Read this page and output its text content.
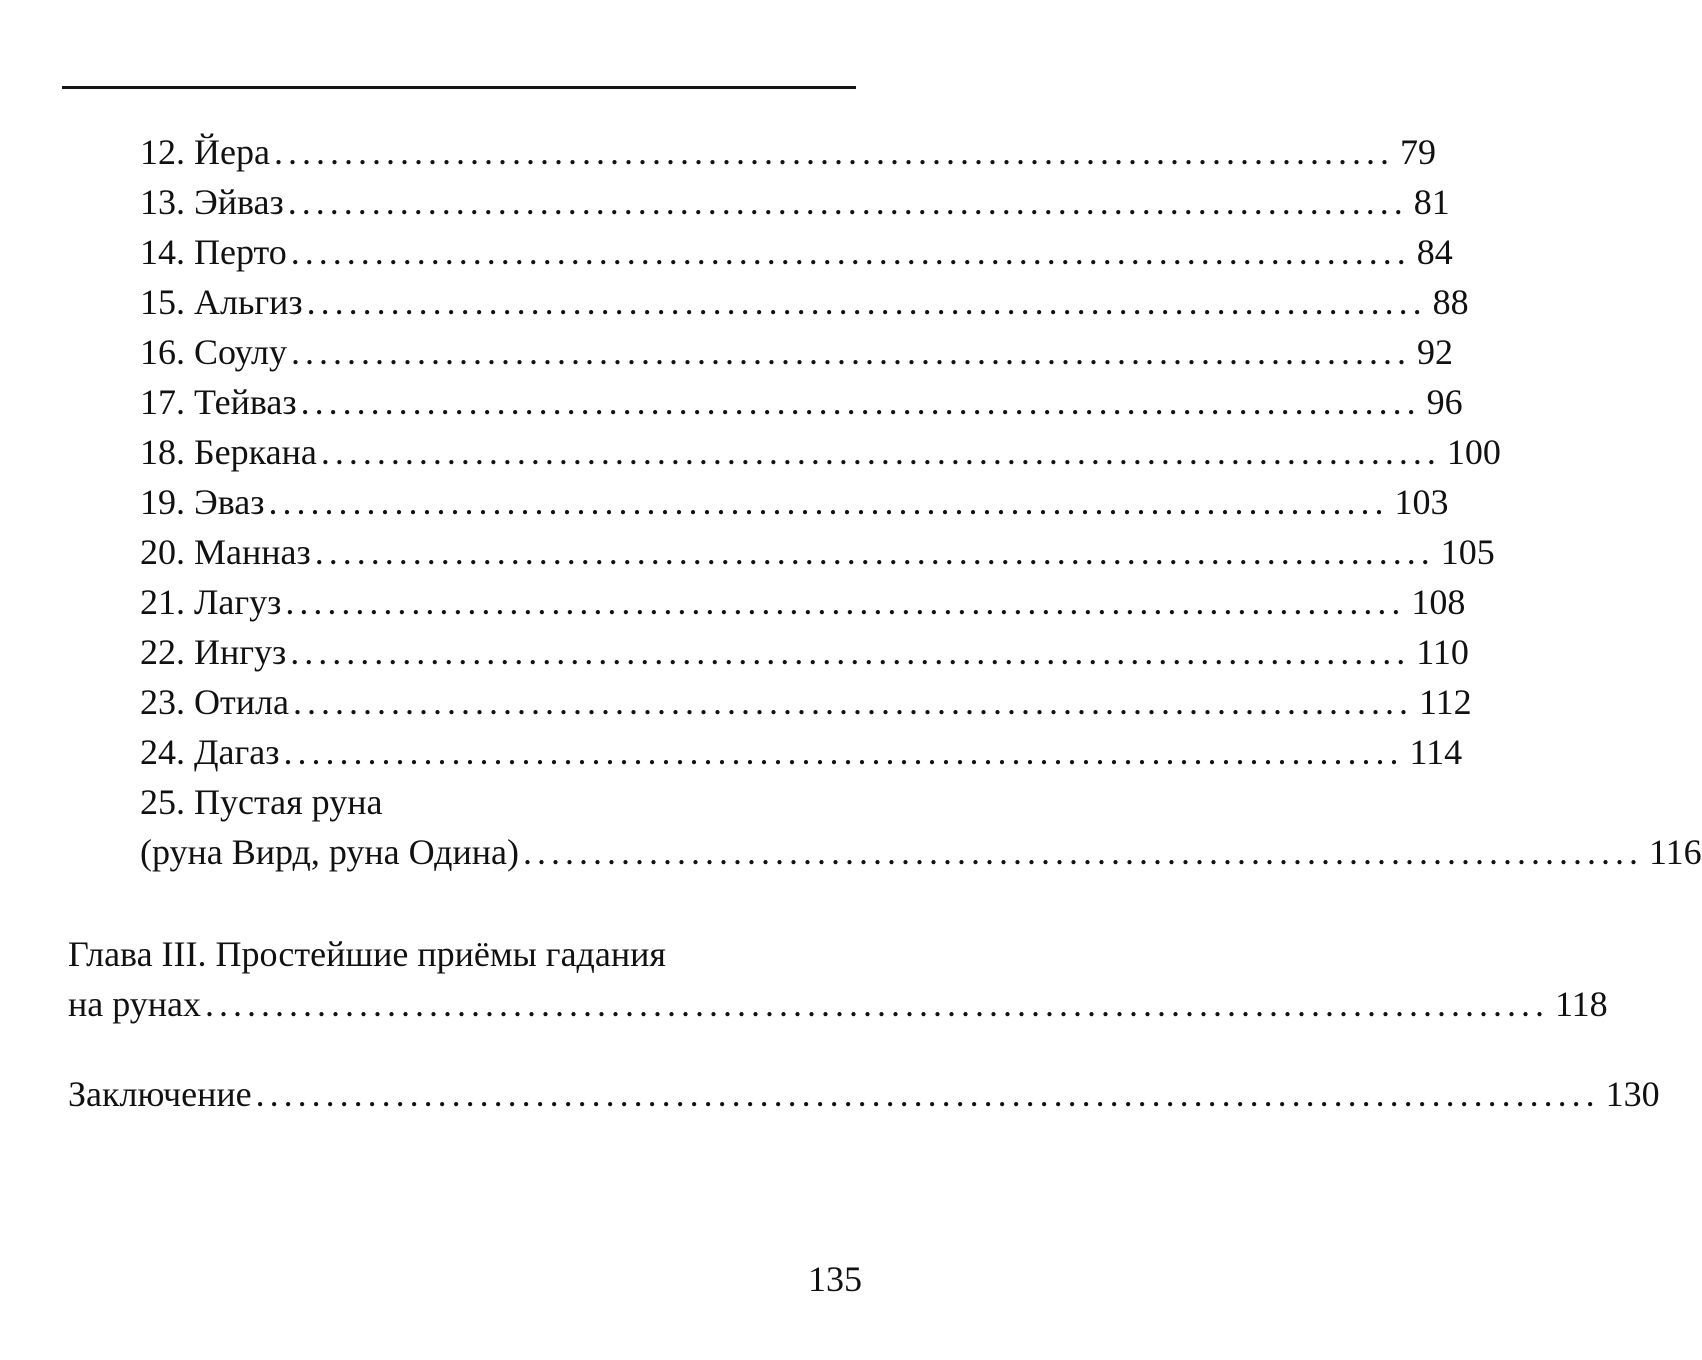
12. Йера ................................................................................ 79
13. Эйваз ................................................................................ 81
14. Перто ................................................................................ 84
15. Альгиз ................................................................................ 88
16. Соулу ................................................................................ 92
17. Тейваз ................................................................................ 96
18. Беркана ................................................................................ 100
19. Эваз ................................................................................ 103
20. Манназ ................................................................................ 105
21. Лагуз ................................................................................ 108
22. Ингуз ................................................................................ 110
23. Отила ................................................................................ 112
24. Дагаз ................................................................................ 114
25. Пустая руна
(руна Вирд, руна Одина) ................................................................................ 116
Глава III. Простейшие приёмы гадания
на рунах ................................................................................................ 118
Заключение ................................................................................................ 130
135
